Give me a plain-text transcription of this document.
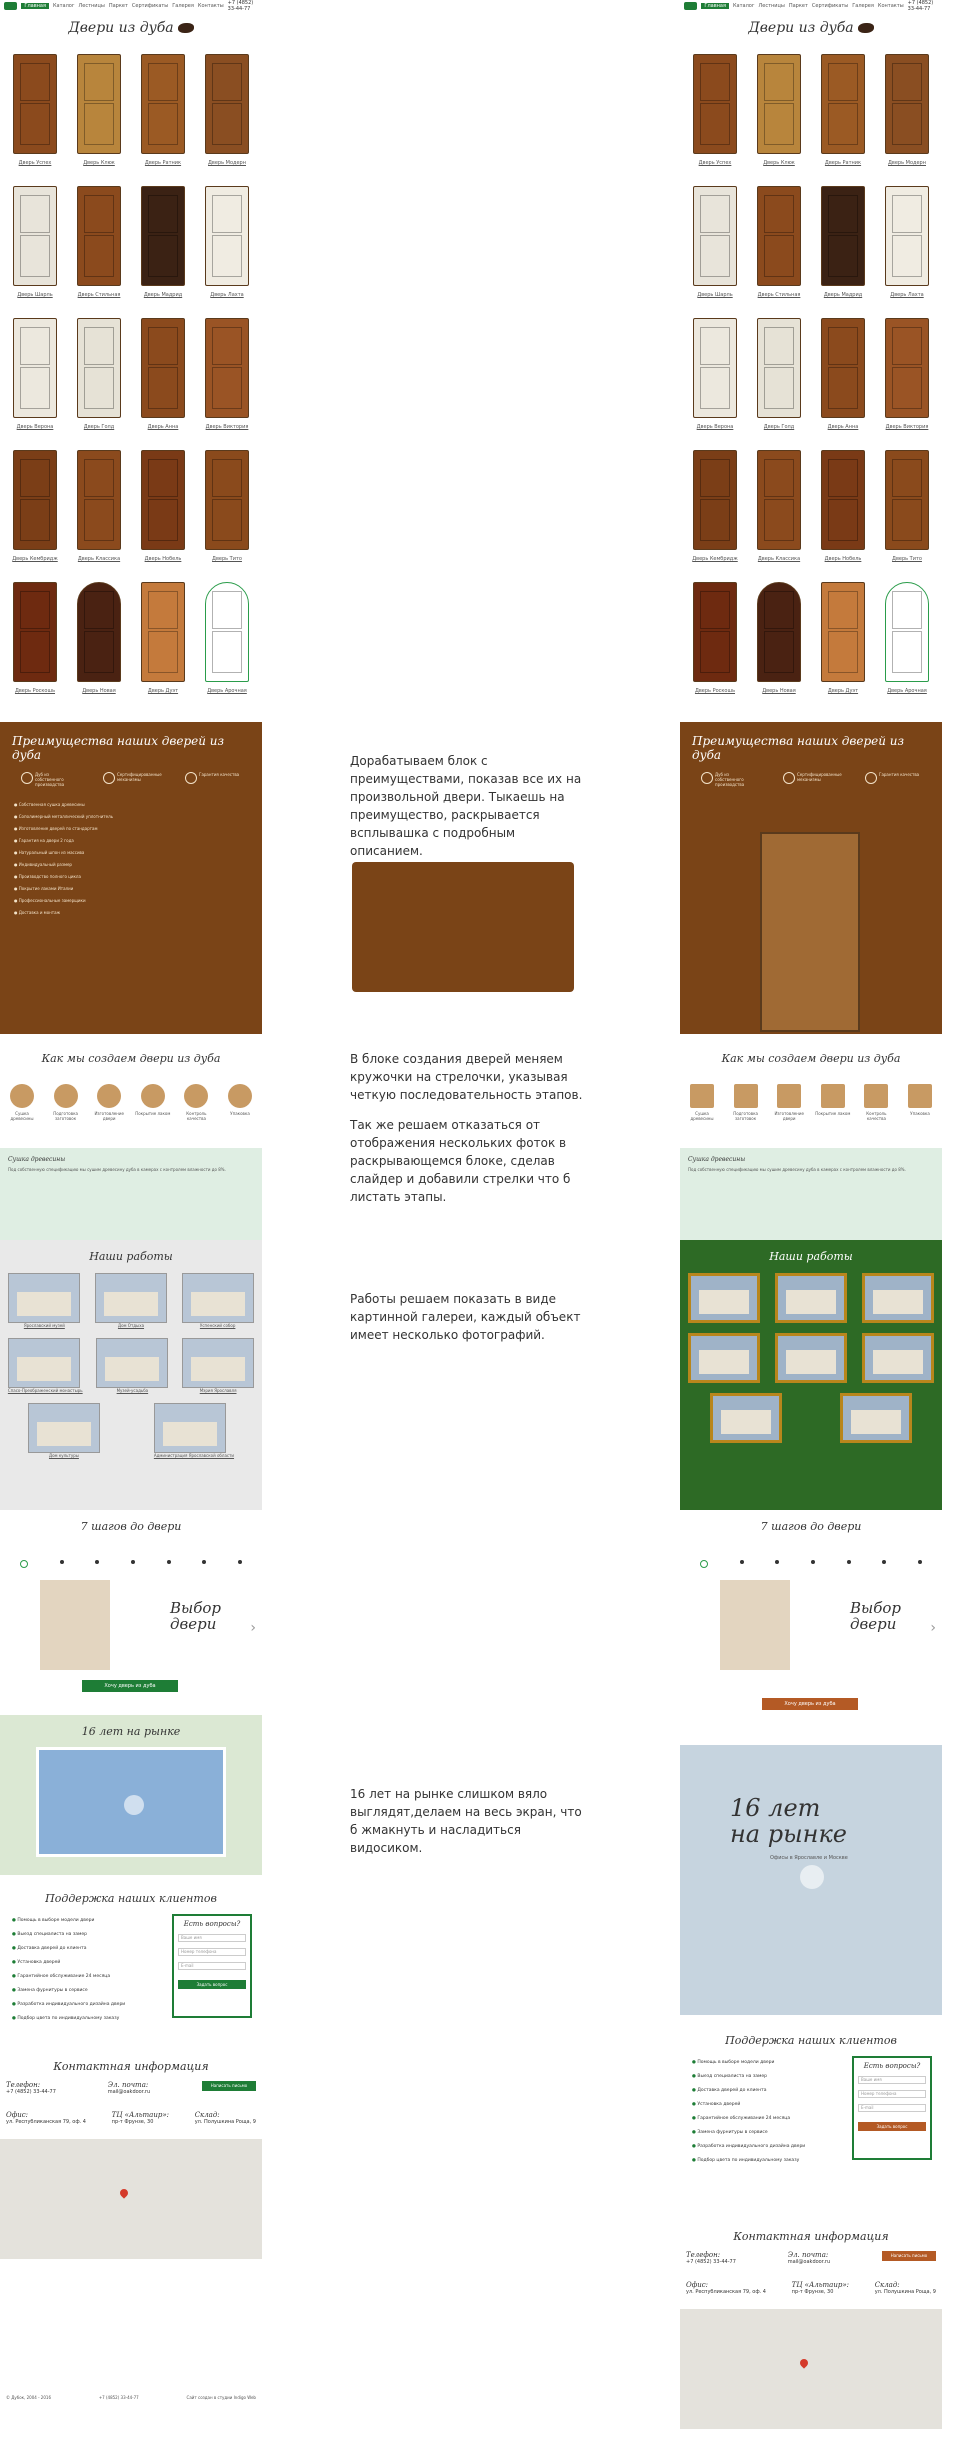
Главная	Каталог Лестницы Паркет Сертификаты Галерея Контакты +7 (4852) 33-44-77
Двери из дуба
Дверь Успех	Дверь Клюк	Дверь Ратник	Дверь Модерн
Дверь Шарль	Дверь Стильная	Дверь Мадрид	Дверь Лахта
Дверь Верона	Дверь Голд	Дверь Анна	Дверь Виктория
Дверь Кембридж	Дверь Классика	Дверь Нобель	Дверь Тито
Дверь Роскошь	Дверь Новая	Дверь Дуэт	Дверь Арочная
Преимущества наших дверей из дуба
Дуб из собственного производства
Сертифицированные механизмы
Гарантия качества
● Собственная сушка древесины
● Сополимерный металлический уплотнитель
● Изготовление дверей по стандартам
● Гарантия на двери 2 года
● Натуральный шпон из массива
● Индивидуальный размер
● Производство полного цикла
● Покрытие лаками Италии
● Профессиональные замерщики
● Доставка и монтаж
Как мы создаем двери из дуба
Сушка древесины
Подготовка заготовок
Изготовление двери
Покрытие лаком	Контроль качества
Упаковка
Сушка древесины
Под собственную спецификацию мы сушим древесину дуба в камерах с контролем влажности до 8%.
Наши работы
Ярославский музей	Дом Отдыха	Успенский собор
Спасо-Преображенский монастырь	Музей-усадьба	Мэрия Ярославля
Дом культуры	Администрация Ярославской области
7 шагов до двери
Выбор
двери	›
Хочу дверь из дуба
16 лет на рынке
Поддержка наших клиентов
● Помощь в выборе модели двери
● Выезд специалиста на замер
● Доставка дверей до клиента
● Установка дверей
● Гарантийное обслуживание 24 месяца
● Замена фурнитуры в сервисе
● Разработка индивидуального дизайна двери
● Подбор цвета по индивидуальному заказу
Есть вопросы?
Ваше имя
Номер телефона
E-mail
Задать вопрос
Контактная информация
Телефон:
+7 (4852) 33-44-77
Эл. почта:
mail@oakdoor.ru
Написать письмо
Офис:
ул. Республиканская 79, оф. 4
ТЦ «Альтаир»:
пр-т Фрунзе, 30
Склад:
ул. Полушкина Роща, 9
© Дубок, 2004 - 2016	+7 (4852) 33-44-77	Сайт создан в студии Indigo Web
Дорабатываем блок с преимуществами, показав все их на произвольной двери. Тыкаешь на преимущество, раскрывается всплывашка с подробным описанием.
В блоке создания дверей меняем кружочки на стрелочки, указывая четкую последовательность этапов.
Так же решаем отказаться от отображения нескольких фоток в раскрывающемся блоке, сделав слайдер и добавили стрелки что б листать этапы.
Работы решаем показать в виде картинной галереи, каждый объект имеет несколько фотографий.
16 лет на рынке слишком вяло выглядят,делаем на весь экран, что б жмакнуть и насладиться видосиком.
Главная	Каталог Лестницы Паркет Сертификаты Галерея Контакты +7 (4852) 33-44-77
Двери из дуба
Дверь Успех	Дверь Клюк	Дверь Ратник	Дверь Модерн
Дверь Шарль	Дверь Стильная	Дверь Мадрид	Дверь Лахта
Дверь Верона	Дверь Голд	Дверь Анна	Дверь Виктория
Дверь Кембридж	Дверь Классика	Дверь Нобель	Дверь Тито
Дверь Роскошь	Дверь Новая	Дверь Дуэт	Дверь Арочная
Преимущества наших дверей из дуба
Дуб из собственного производства
Сертифицированные механизмы
Гарантия качества
Как мы создаем двери из дуба
Сушка древесины
Подготовка заготовок
Изготовление двери
Покрытие лаком	Контроль качества
Упаковка
Сушка древесины
Под собственную спецификацию мы сушим древесину дуба в камерах с контролем влажности до 8%.
Наши работы
7 шагов до двери
Выбор
двери	›
Хочу дверь из дуба
16 лет
на рынке
Офисы в Ярославле и Москве
Поддержка наших клиентов
● Помощь в выборе модели двери
● Выезд специалиста на замер
● Доставка дверей до клиента
● Установка дверей
● Гарантийное обслуживание 24 месяца
● Замена фурнитуры в сервисе
● Разработка индивидуального дизайна двери
● Подбор цвета по индивидуальному заказу
Есть вопросы?
Ваше имя
Номер телефона
E-mail
Задать вопрос
Контактная информация
Телефон:
+7 (4852) 33-44-77
Эл. почта:
mail@oakdoor.ru
Написать письмо
Офис:
ул. Республиканская 79, оф. 4
ТЦ «Альтаир»:
пр-т Фрунзе, 30
Склад:
ул. Полушкина Роща, 9
